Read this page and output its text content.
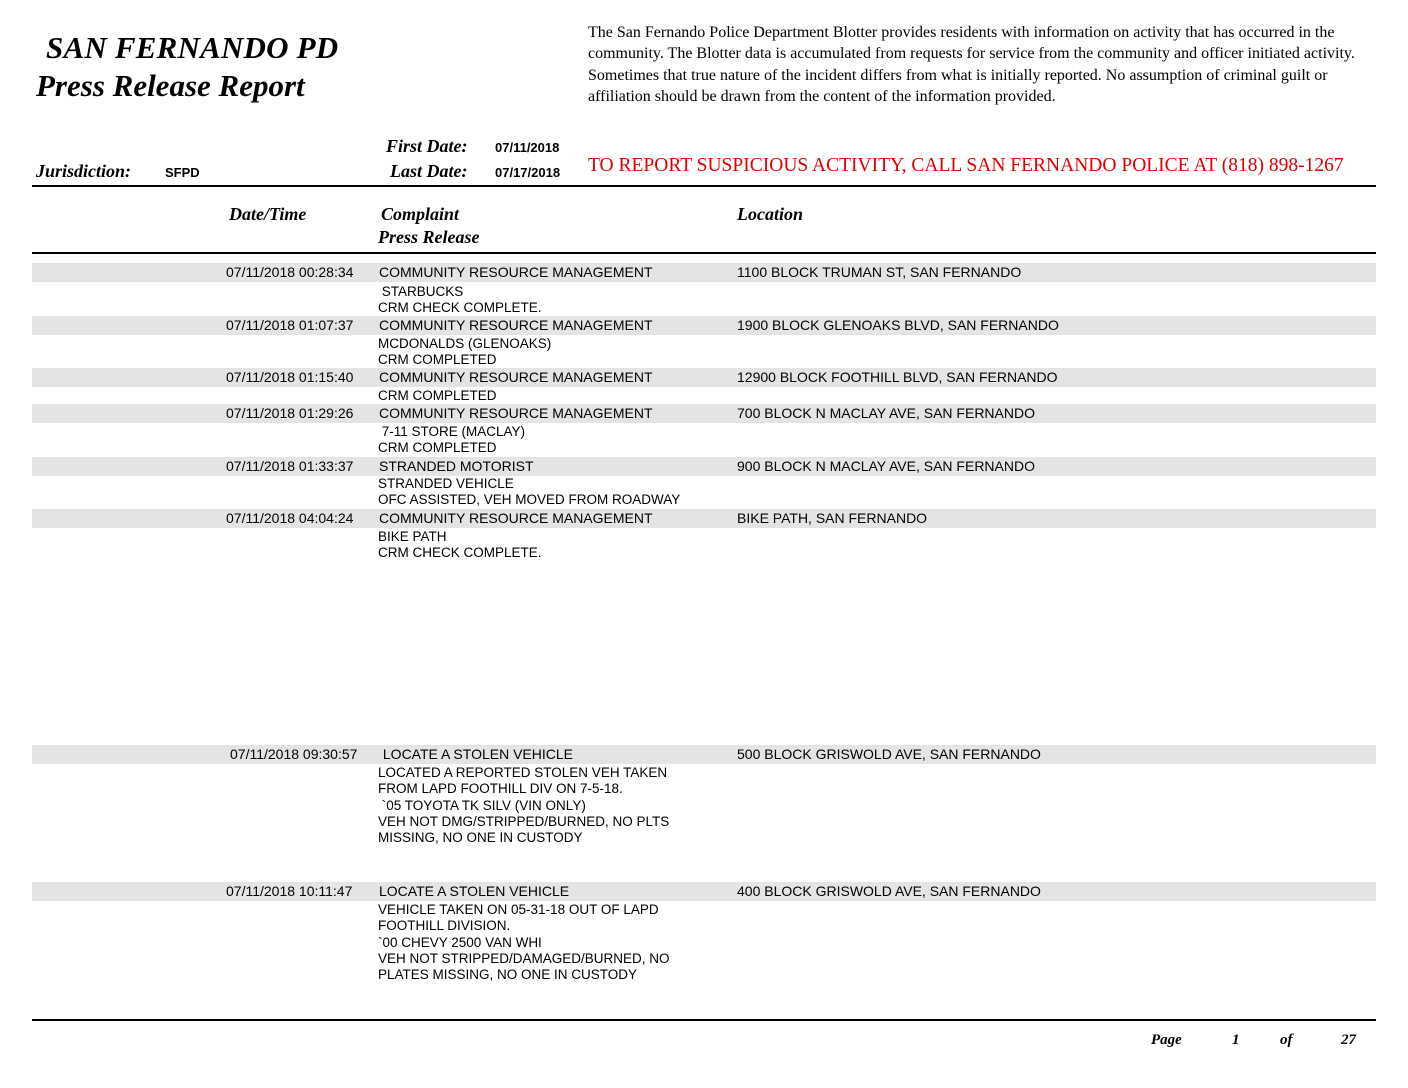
SAN FERNANDO PD
Press Release Report
The San Fernando Police Department Blotter provides residents with information on activity that has occurred in the community. The Blotter data is accumulated from requests for service from the community and officer initiated activity. Sometimes that true nature of the incident differs from what is initially reported. No assumption of criminal guilt or affiliation should be drawn from the content of the information provided.
First Date: 07/11/2018
Jurisdiction:	SFPD	Last Date: 07/17/2018 TO REPORT SUSPICIOUS ACTIVITY, CALL SAN FERNANDO POLICE AT (818) 898-1267
Date/Time	Complaint
Press Release
Location
07/11/2018 00:28:34 COMMUNITY RESOURCE MANAGEMENT	1100 BLOCK TRUMAN ST, SAN FERNANDO
STARBUCKS
CRM CHECK COMPLETE.
07/11/2018 01:07:37 COMMUNITY RESOURCE MANAGEMENT	1900 BLOCK GLENOAKS BLVD, SAN FERNANDO
MCDONALDS (GLENOAKS)
CRM COMPLETED
07/11/2018 01:15:40 COMMUNITY RESOURCE MANAGEMENT	12900 BLOCK FOOTHILL BLVD, SAN FERNANDO
CRM COMPLETED
07/11/2018 01:29:26 COMMUNITY RESOURCE MANAGEMENT	700 BLOCK N MACLAY AVE, SAN FERNANDO
7-11 STORE (MACLAY)
CRM COMPLETED
07/11/2018 01:33:37 STRANDED MOTORIST	900 BLOCK N MACLAY AVE, SAN FERNANDO
STRANDED VEHICLE
OFC ASSISTED, VEH MOVED FROM ROADWAY
07/11/2018 04:04:24 COMMUNITY RESOURCE MANAGEMENT	BIKE PATH, SAN FERNANDO
BIKE PATH
CRM CHECK COMPLETE.
07/11/2018 09:30:57 LOCATE A STOLEN VEHICLE	500 BLOCK GRISWOLD AVE, SAN FERNANDO
LOCATED A REPORTED STOLEN VEH TAKEN
FROM LAPD FOOTHILL DIV ON 7-5-18.
`05 TOYOTA TK SILV (VIN ONLY)
VEH NOT DMG/STRIPPED/BURNED, NO PLTS
MISSING, NO ONE IN CUSTODY
07/11/2018 10:11:47 LOCATE A STOLEN VEHICLE	400 BLOCK GRISWOLD AVE, SAN FERNANDO
VEHICLE TAKEN ON 05-31-18 OUT OF LAPD
FOOTHILL DIVISION.
`00 CHEVY 2500 VAN WHI
VEH NOT STRIPPED/DAMAGED/BURNED, NO
PLATES MISSING, NO ONE IN CUSTODY
Page	1	of	27
